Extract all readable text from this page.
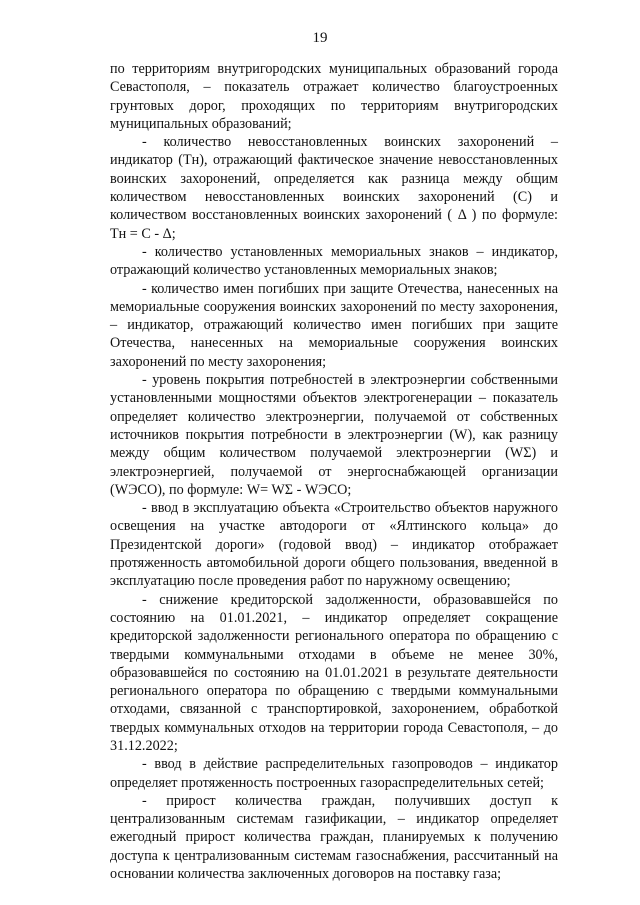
19

по территориям внутригородских муниципальных образований города Севастополя, – показатель отражает количество благоустроенных грунтовых дорог, проходящих по территориям внутригородских муниципальных образований;

- количество невосстановленных воинских захоронений – индикатор (Тн), отражающий фактическое значение невосстановленных воинских захоронений, определяется как разница между общим количеством невосстановленных воинских захоронений (С) и количеством восстановленных воинских захоронений ( Δ ) по формуле: Тн = С - Δ;

- количество установленных мемориальных знаков – индикатор, отражающий количество установленных мемориальных знаков;

- количество имен погибших при защите Отечества, нанесенных на мемориальные сооружения воинских захоронений по месту захоронения, – индикатор, отражающий количество имен погибших при защите Отечества, нанесенных на мемориальные сооружения воинских захоронений по месту захоронения;

- уровень покрытия потребностей в электроэнергии собственными установленными мощностями объектов электрогенерации – показатель определяет количество электроэнергии, получаемой от собственных источников покрытия потребности в электроэнергии (W), как разницу между общим количеством получаемой электроэнергии (WΣ) и электроэнергией, получаемой от энергоснабжающей организации (WЭСО), по формуле: W= WΣ - WЭСО;

- ввод в эксплуатацию объекта «Строительство объектов наружного освещения на участке автодороги от «Ялтинского кольца» до Президентской дороги» (годовой ввод) – индикатор отображает протяженность автомобильной дороги общего пользования, введенной в эксплуатацию после проведения работ по наружному освещению;

- снижение кредиторской задолженности, образовавшейся по состоянию на 01.01.2021, – индикатор определяет сокращение кредиторской задолженности регионального оператора по обращению с твердыми коммунальными отходами в объеме не менее 30%, образовавшейся по состоянию на 01.01.2021 в результате деятельности регионального оператора по обращению с твердыми коммунальными отходами, связанной с транспортировкой, захоронением, обработкой твердых коммунальных отходов на территории города Севастополя, – до 31.12.2022;

- ввод в действие распределительных газопроводов – индикатор определяет протяженность построенных газораспределительных сетей;

- прирост количества граждан, получивших доступ к централизованным системам газификации, – индикатор определяет ежегодный прирост количества граждан, планируемых к получению доступа к централизованным системам газоснабжения, рассчитанный на основании количества заключенных договоров на поставку газа;
